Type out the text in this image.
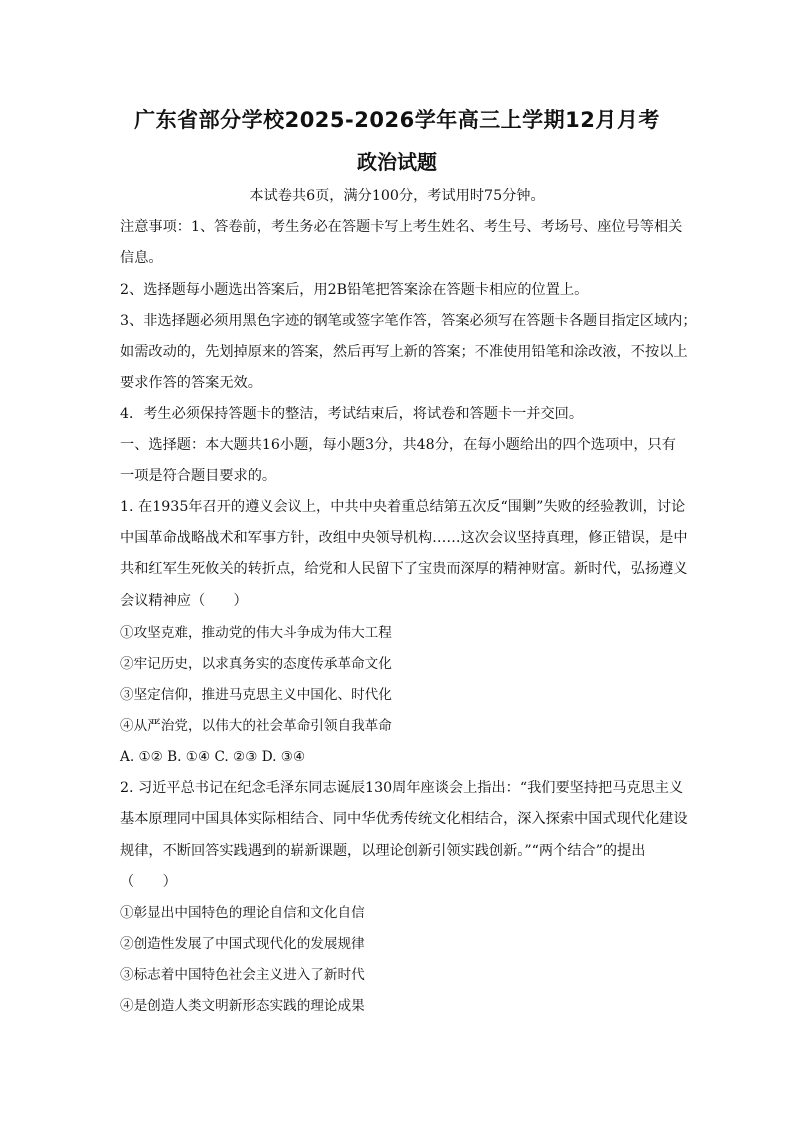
广东省部分学校2025-2026学年高三上学期12月月考
政治试题
本试卷共6页，满分100分，考试用时75分钟。
注意事项：1、答卷前，考生务必在答题卡写上考生姓名、考生号、考场号、座位号等相关
信息。
2、选择题每小题选出答案后，用2B铅笔把答案涂在答题卡相应的位置上。
3、非选择题必须用黑色字迹的钢笔或签字笔作答，答案必须写在答题卡各题目指定区域内；
如需改动的，先划掉原来的答案，然后再写上新的答案；不准使用铅笔和涂改液，不按以上
要求作答的答案无效。
4．考生必须保持答题卡的整洁，考试结束后，将试卷和答题卡一并交回。
一、选择题：本大题共16小题，每小题3分，共48分，在每小题给出的四个选项中，只有
一项是符合题目要求的。
1. 在1935年召开的遵义会议上，中共中央着重总结第五次反“围剿”失败的经验教训，讨论
中国革命战略战术和军事方针，改组中央领导机构……这次会议坚持真理，修正错误，是中
共和红军生死攸关的转折点，给党和人民留下了宝贵而深厚的精神财富。新时代，弘扬遵义
会议精神应（　　）
①攻坚克难，推动党的伟大斗争成为伟大工程
②牢记历史，以求真务实的态度传承革命文化
③坚定信仰，推进马克思主义中国化、时代化
④从严治党，以伟大的社会革命引领自我革命
A. ①② B. ①④ C. ②③ D. ③④
2. 习近平总书记在纪念毛泽东同志诞辰130周年座谈会上指出：“我们要坚持把马克思主义
基本原理同中国具体实际相结合、同中华优秀传统文化相结合，深入探索中国式现代化建设
规律，不断回答实践遇到的崭新课题，以理论创新引领实践创新。”“两个结合”的提出
（　　）
①彰显出中国特色的理论自信和文化自信
②创造性发展了中国式现代化的发展规律
③标志着中国特色社会主义进入了新时代
④是创造人类文明新形态实践的理论成果
